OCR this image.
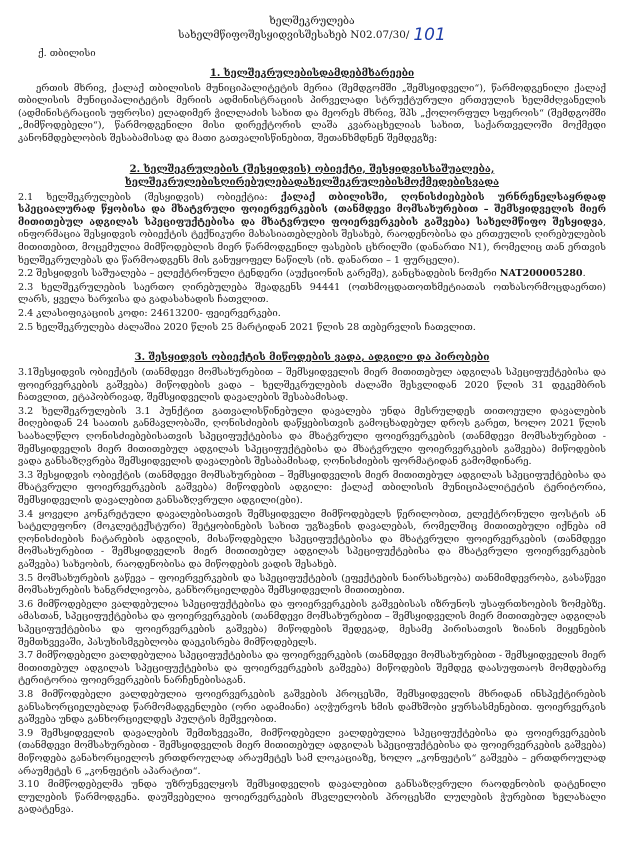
ხელშეკრულება
სახელმწიფოშესყიდვისშესახებ N02.07/30/ 101
ქ. თბილისი
1. ხელშეკრულებისდამდებმხარეები

ერთის მხრივ, ქალაქ თბილისის მუნიციპალიტეტის მერია (შემდგომში „შემსყიდველი“), წარმოდგენილი ქალაქ თბილისის მუნიციპალიტეტის მერიის ადმინისტრაციის პირველადი სტრუქტურული ერთეულის ხელმძღვანელის (ადმინისტრაციის უფროსი) ელადიმერ ჭილლაძის სახით და მეორეს მხრივ, შპს „ქოლორფულ სფეროის“ (შემდგომში „მიმწოდებელი“), წარმოდგენილი მისი დირექტორის ლაშა კვარაცხელიას სახით, საქართველოში მოქმედი კანონმდებლობის შესაბამისად და მათი გათვალისწინებით, შეთანხმდნენ შემდეგზე:

2. ხელშეკრულების (შესყიდვის) ობიექტი, შესყიდვისსაშუალება,
ხელშეკრულებისღირებულებადახელშეკრულებისმოქმედებისვადა

2.1 ხელშეკრულების (შესყიდვის) ობიექტია: ქალაქ თბილისში, ღონისძიებების ურნრენელსაყრდად სპეციალურად წყობისა და მხატვრული ფოიერვერკების (თანმდევი მომსახურებით – შემსყიდველის მიერ მითითებულ ადგილას სპეციფუქტებისა და მხატვრული ფოიერვერკების გაშვება) სახელმწიფო შესყიდვა, ინფორმაცია შესყიდვის ობიექტის ტექნიკური მახასიათებლების შესახებ, რაოდენობისა და ერთეულის ღირებულების მითითებით, მოცემულია მიმწოდებლის მიერ წარმოდგენილ ფასების ცხრილში (დანართი N1), რომელიც თან ერთვის ხელშეკრულებას და წარმოადგენს მის განუყოფელ ნაწილს (იხ. დანართი – 1 ფურცელი).

2.2 შესყიდვის საშუალება – ელექტრონული ტენდერი (აუქციონის გარეშე), განცხადების ნომერი NAT200005280.

2.3 ხელშეკრულების საერთო ღირებულება შეადგენს 94441 (ოთხმოცდათოთხმეტიათას ოთხასორმოცდაერთი) ლარს, ყველა ხარჯისა და გადასახადის ჩათვლით.

2.4 კლასიფიკაციის კოდი: 24613200- ფეიერვერკები.

2.5 ხელშეკრულება ძალაშია 2020 წლის 25 მარტიდან 2021 წლის 28 თებერვლის ჩათვლით.

3. შესყიდვის ობიექტის მიწოდების ვადა, ადგილი და პირობები

3.1შესყიდვის ობიექტის (თანმდევი მომსახურებით – შემსყიდველის მიერ მითითებულ ადგილას სპეციფუქტებისა და ფოიერვერკების გაშვება) მიწოდების ვადა – ხელშეკრულების ძალაში შესვლიდან 2020 წლის 31 დეკემბრის ჩათვლით, ეტაპობრივად, შემსყიდველის დავალების შესაბამისად.

3.2 ხელშეკრულების 3.1 პუნქტით გათვალისწინებული დავალება უნდა მესრულდეს თითოეული დავალების მიღებიდან 24 საათის განმავლობაში, ღონისძიების დაწყებისთვის გამოცხადებულ დროს გარეთ, ხოლო 2021 წლის საახალწლო ღონისძიებებისათვის სპეციფუქტებისა და მხატვრული ფოიერვერკების (თანმდევი მომსახურებით - შემსყიდველის მიერ მითითებულ ადგილას სპეციფუქტებისა და მხატვრული ფოიერვერკების გაშვება) მიწოდების ვადა განსაზღვრება შემსყიდველის დავალების შესაბამისად, ღონისძიების ფორმატიდან გამომდინარე.

3.3 შესყიდვის ობიექტის (თანმდევი მომსახურებით – შემსყიდველის მიერ მითითებულ ადგილას სპეციფუქტებისა და მხატვრული ფოიერვერკების გაშვება) მიწოდების ადგილი: ქალაქ თბილისის მუნიციპალიტეტის ტერიტორია, შემსყიდველის დავალებით განსაზღვრული ადგილი(ები).

3.4 ყოველი კონკრეტული დავალებისათვის შემსყიდველი მიმწოდებელს წერილობით, ელექტრონული ფოსტის ან სატელეფონო (მოკლეტექსტური) შეტყობინების სახით უგზავნის დავალებას, რომელშიც მითითებული იქნება იმ ღონისძიების ჩატარების ადგილის, მისაწოდებელი სპეციფუქტებისა და მხატვრული ფოიერვერკების (თანმდევი მომსახურებით - შემსყიდველის მიერ მითითებულ ადგილას სპეციფუქტებისა და მხატვრული ფოიერვერკების გაშვება) სახეობის, რაოდენობისა და მიწოდების ვადის შესახებ.

3.5 მომსახურების გაწევა – ფოიერვერკების და სპეციფუქტების (ეფექტების ნაირსახეობა) თანმიმდევრობა, გასაწევი მომსახურების ხანგრძლივობა, განხორციელდება შემსყიდველის მითითებით.

3.6 მიმწოდებელი ვალდებულია სპეციფუქტებისა და ფოიერვერკების გაშვებისას იზრუნოს უსაფრთხოების ზომებზე. ამასთან, სპეციფუქტებისა და ფოიერვერკების (თანმდევი მომსახურებით – შემსყიდველის მიერ მითითებულ ადგილას სპეციფუქტებისა და ფოიერვერკების გაშვება) მიწოდების შედეგად, მესამე პირისათვის ზიანის მიყენების შემთხვევაში, პასუხისმგებლობა დაეკისრება მიმწოდებელს.

3.7 მიმწოდებელი ვალდებულია სპეციფუქტებისა და ფოიერვერკების (თანმდევი მომსახურებით - შემსყიდველის მიერ მითითებულ ადგილას სპეციფუქტებისა და ფოიერვერკების გაშვება) მიწოდების შემდეგ დაასუფთაოს მომდებარე ტერიტორია ფოიერვერკების ნარჩენებისაგან.

3.8 მიმწოდებელი ვალდებულია ფოიერვერკების გაშვების პროცესში, შემსყიდველის მხრიდან ინსპექტირების განსახორციელებლად წარმომადგენლები (ორი ადამიანი) აღჭურვოს ხმის დამხშობი ყურსასმენებით. ფოიერვერკის გაშვება უნდა განხორციელდეს პულტის მეშვეობით.

3.9 შემსყიდველის დავალების შემთხვევაში, მიმწოდებელი ვალდებულია სპეციფუქტებისა და ფოიერვერკების (თანმდევი მომსახურებით - შემსყიდველის მიერ მითითებულ ადგილას სპეციფუქტებისა და ფოიერვერკების გაშვება) მიწოდება განახორციელოს ერთდროულად არაუმეტეს სამ ლოკაციაზე, ხოლო „კონფეტის“ გაშვება – ერთდროულად არაუმეტეს 6 „კონფეტის აპარატით“.

3.10 მიმწოდებელმა უნდა უზრუნველყოს შემსყიდველის დავალებით განსაზღვრული რაოდენობის დატენილი ლულების წარმოდგენა. დაუშვებელია ფოიერვერკების მსვლელობის პროცესში ლულების ჭურებით ხელახალი გადატენვა.
